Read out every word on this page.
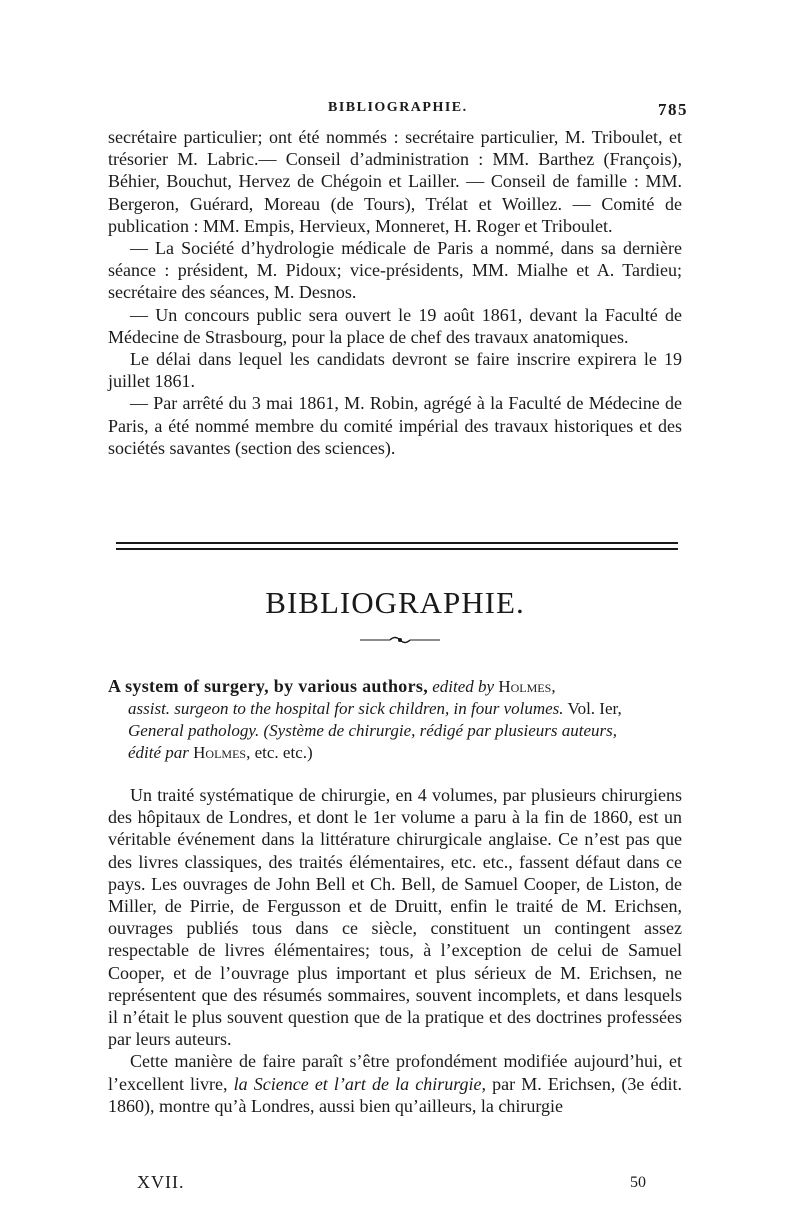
BIBLIOGRAPHIE.	785

secrétaire particulier; ont été nommés : secrétaire particulier, M. Triboulet, et trésorier M. Labric.— Conseil d’administration : MM. Barthez (François), Béhier, Bouchut, Hervez de Chégoin et Lailler. — Conseil de famille : MM. Bergeron, Guérard, Moreau (de Tours), Trélat et Woillez. — Comité de publication : MM. Empis, Hervieux, Monneret, H. Roger et Triboulet.

— La Société d’hydrologie médicale de Paris a nommé, dans sa dernière séance : président, M. Pidoux; vice-présidents, MM. Mialhe et A. Tardieu; secrétaire des séances, M. Desnos.

— Un concours public sera ouvert le 19 août 1861, devant la Faculté de Médecine de Strasbourg, pour la place de chef des travaux anatomiques.

Le délai dans lequel les candidats devront se faire inscrire expirera le 19 juillet 1861.

— Par arrêté du 3 mai 1861, M. Robin, agrégé à la Faculté de Médecine de Paris, a été nommé membre du comité impérial des travaux historiques et des sociétés savantes (section des sciences).

BIBLIOGRAPHIE.
A system of surgery, by various authors, edited by Holmes,
assist. surgeon to the hospital for sick children, in four volumes. Vol. Ier,
General pathology. (Système de chirurgie, rédigé par plusieurs auteurs,
édité par Holmes, etc. etc.)

Un traité systématique de chirurgie, en 4 volumes, par plusieurs chirurgiens des hôpitaux de Londres, et dont le 1er volume a paru à la fin de 1860, est un véritable événement dans la littérature chirurgicale anglaise. Ce n’est pas que des livres classiques, des traités élémentaires, etc. etc., fassent défaut dans ce pays. Les ouvrages de John Bell et Ch. Bell, de Samuel Cooper, de Liston, de Miller, de Pirrie, de Fergusson et de Druitt, enfin le traité de M. Erichsen, ouvrages publiés tous dans ce siècle, constituent un contingent assez respectable de livres élémentaires; tous, à l’exception de celui de Samuel Cooper, et de l’ouvrage plus important et plus sérieux de M. Erichsen, ne représentent que des résumés sommaires, souvent incomplets, et dans lesquels il n’était le plus souvent question que de la pratique et des doctrines professées par leurs auteurs.

Cette manière de faire paraît s’être profondément modifiée aujourd’hui, et l’excellent livre, la Science et l’art de la chirurgie, par M. Erichsen, (3e édit. 1860), montre qu’à Londres, aussi bien qu’ailleurs, la chirurgie

XVII.	50
